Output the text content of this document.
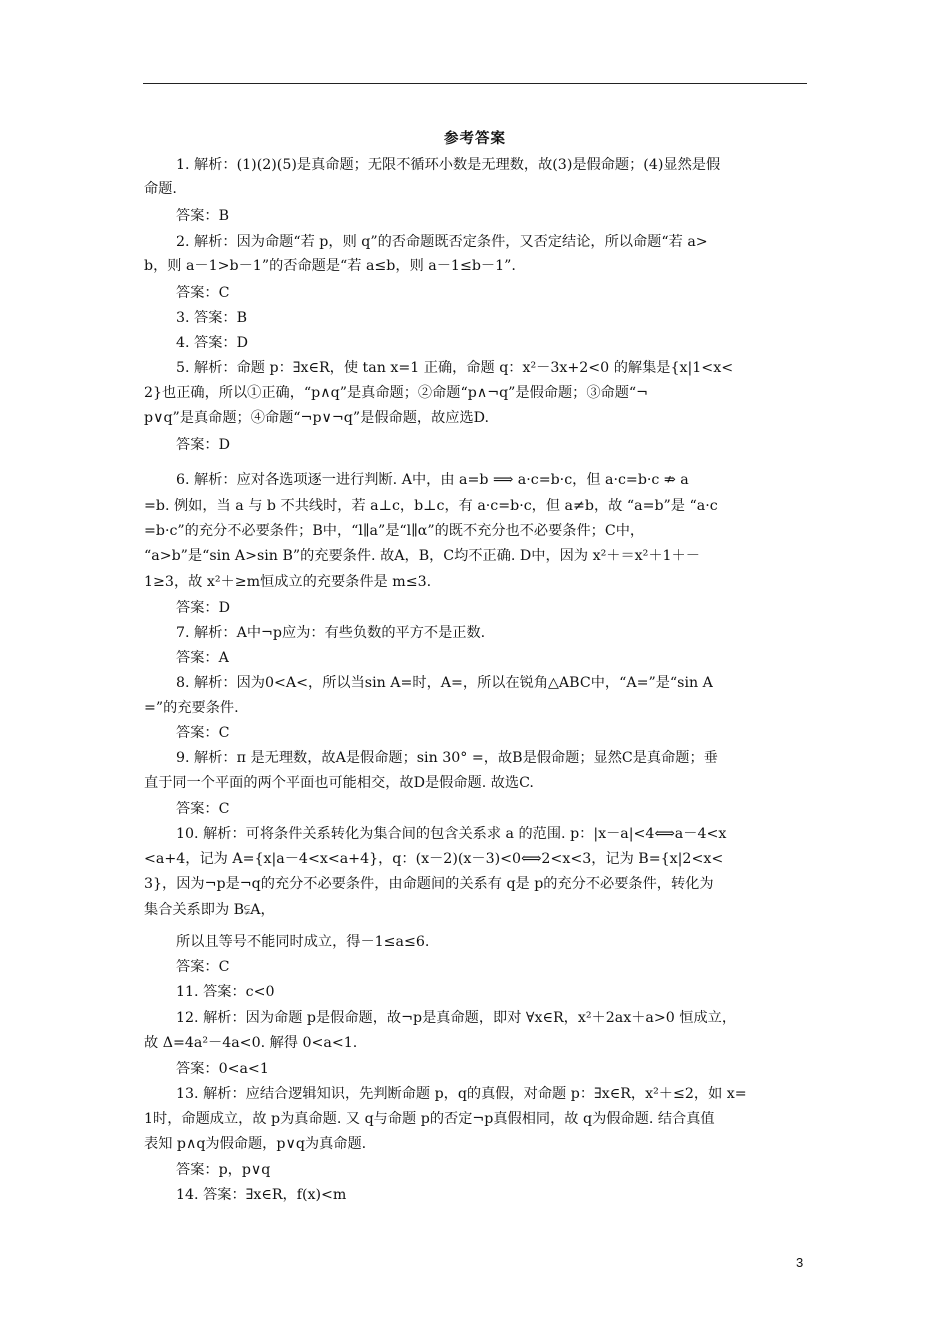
参考答案
1. 解析：(1)(2)(5)是真命题；无限不循环小数是无理数，故(3)是假命题；(4)显然是假
命题.
答案：B
2. 解析：因为命题“若 p，则 q”的否命题既否定条件，又否定结论，所以命题“若 a>
b，则 a－1>b－1”的否命题是“若 a≤b，则 a－1≤b－1”.
答案：C
3. 答案：B
4. 答案：D
5. 解析：命题 p：∃x∈R，使 tan x=1 正确，命题 q：x²－3x+2<0 的解集是{x|1<x<
2}也正确，所以①正确，“p∧q”是真命题；②命题“p∧¬q”是假命题；③命题“¬
p∨q”是真命题；④命题“¬p∨¬q”是假命题，故应选D.
答案：D
6. 解析：应对各选项逐一进行判断. A中，由 a=b ⟹ a·c=b·c，但 a·c=b·c ⇏ a
=b. 例如，当 a 与 b 不共线时，若 a⊥c，b⊥c，有 a·c=b·c，但 a≠b，故 “a=b”是 “a·c
=b·c”的充分不必要条件；B中，“l∥a”是“l∥α”的既不充分也不必要条件；C中，
“a>b”是“sin A>sin B”的充要条件. 故A，B，C均不正确. D中，因为 x²＋＝x²＋1＋－
1≥3，故 x²＋≥m恒成立的充要条件是 m≤3.
答案：D
7. 解析：A中¬p应为：有些负数的平方不是正数.
答案：A
8. 解析：因为0<A<，所以当sin A=时，A=，所以在锐角△ABC中，“A=”是“sin A
=”的充要条件.
答案：C
9. 解析：π 是无理数，故A是假命题；sin 30° =，故B是假命题；显然C是真命题；垂
直于同一个平面的两个平面也可能相交，故D是假命题. 故选C.
答案：C
10. 解析：可将条件关系转化为集合间的包含关系求 a 的范围. p：|x－a|<4⟺a－4<x
<a+4，记为 A={x|a－4<x<a+4}，q：(x－2)(x－3)<0⟺2<x<3，记为 B={x|2<x<
3}，因为¬p是¬q的充分不必要条件，由命题间的关系有 q是 p的充分不必要条件，转化为
集合关系即为 B⫋A，
所以且等号不能同时成立，得－1≤a≤6.
答案：C
11. 答案：c<0
12. 解析：因为命题 p是假命题，故¬p是真命题，即对 ∀x∈R，x²＋2ax＋a>0 恒成立，
故 Δ=4a²－4a<0. 解得 0<a<1.
答案：0<a<1
13. 解析：应结合逻辑知识，先判断命题 p，q的真假，对命题 p：∃x∈R，x²＋≤2，如 x=
1时，命题成立，故 p为真命题. 又 q与命题 p的否定¬p真假相同，故 q为假命题. 结合真值
表知 p∧q为假命题，p∨q为真命题.
答案：p，p∨q
14. 答案：∃x∈R，f(x)<m
3
